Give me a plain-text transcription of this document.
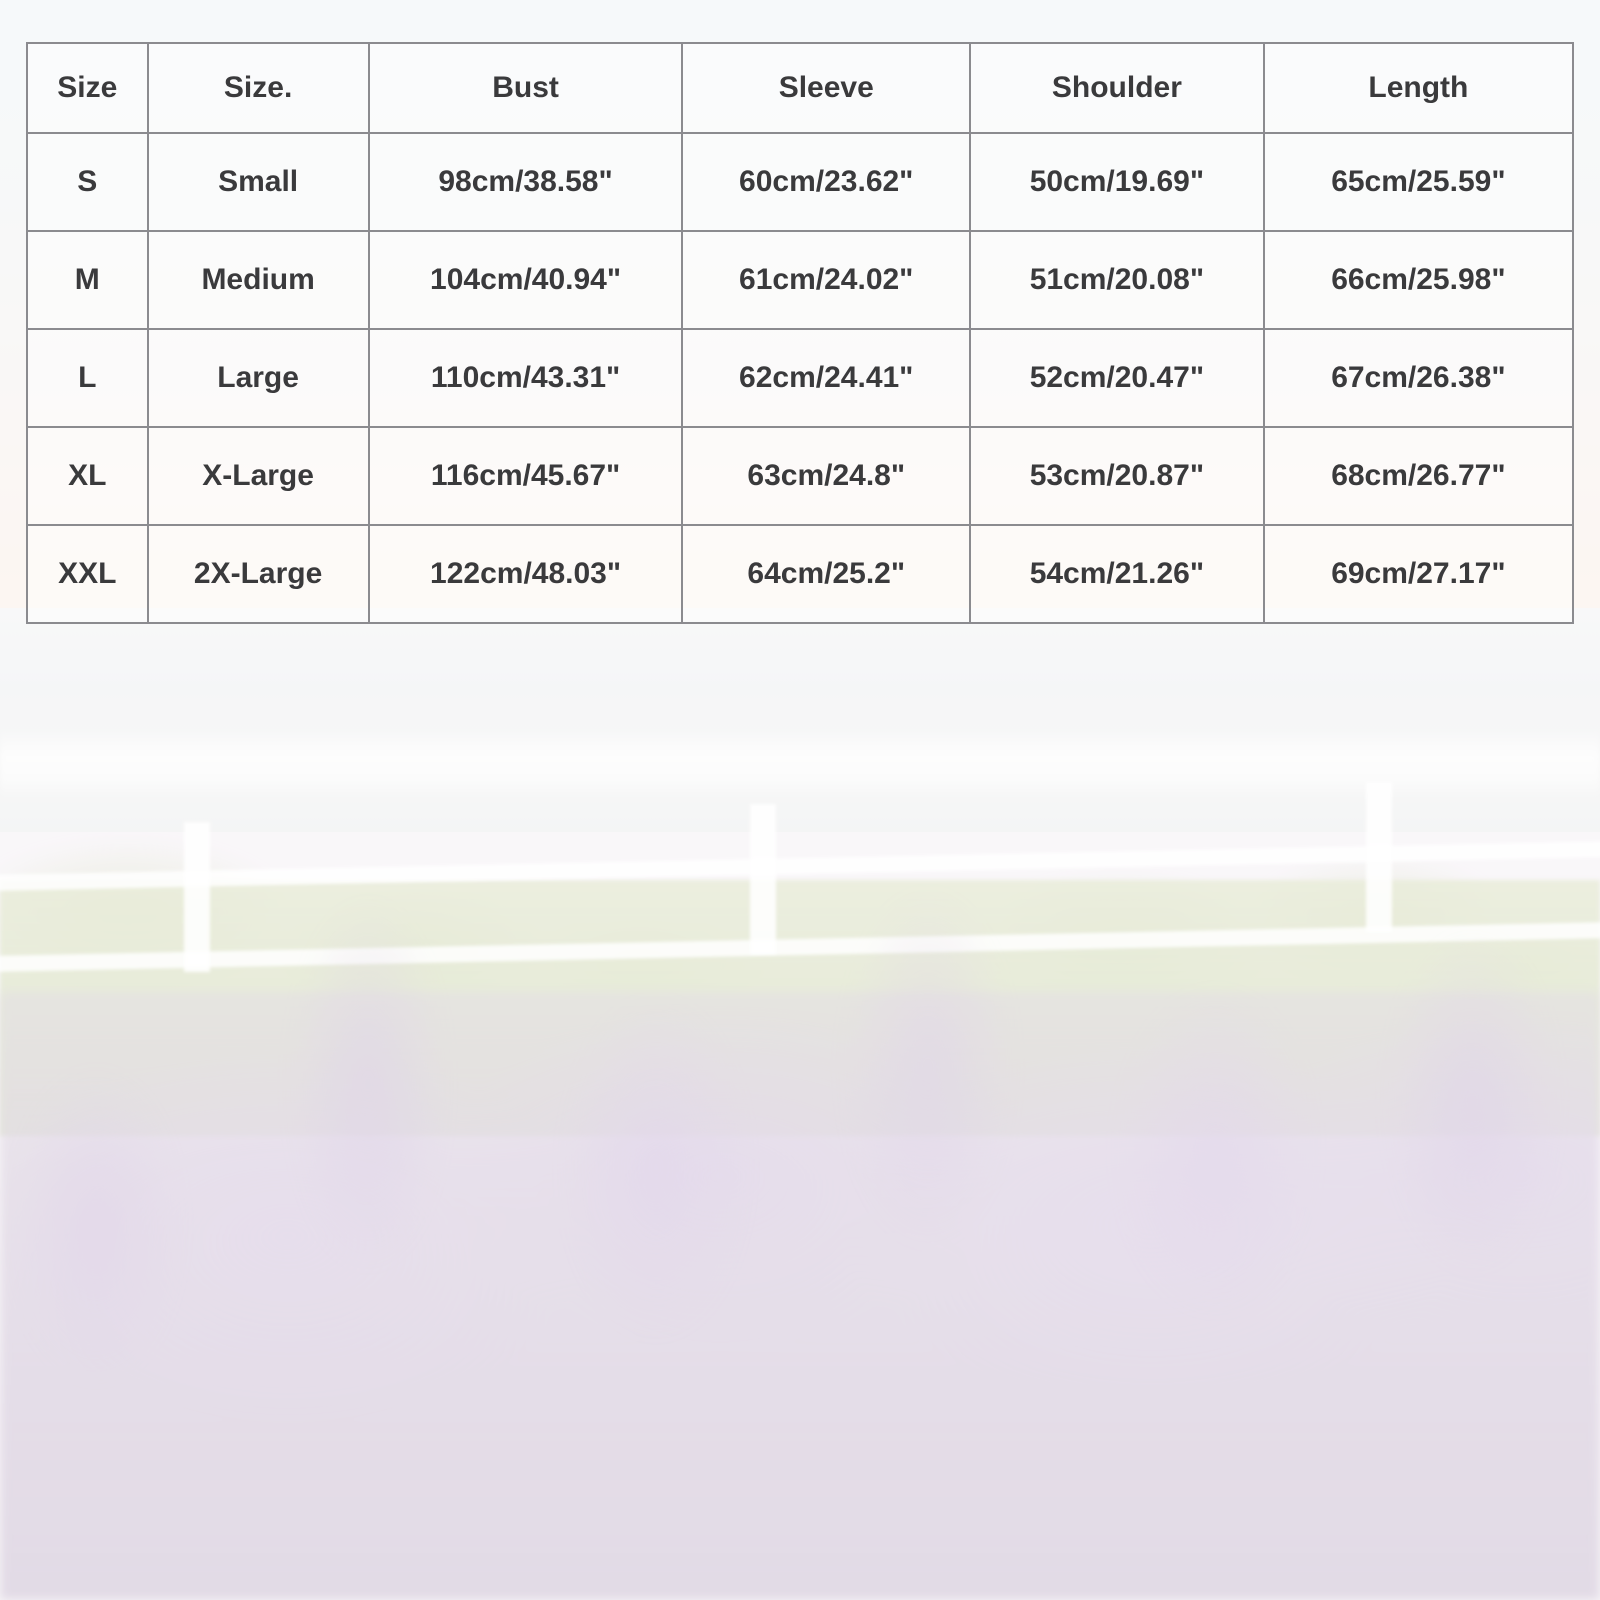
Size	Size.	Bust	Sleeve	Shoulder	Length
S	Small	98cm/38.58"	60cm/23.62"	50cm/19.69"	65cm/25.59"
M	Medium	104cm/40.94"	61cm/24.02"	51cm/20.08"	66cm/25.98"
L	Large	110cm/43.31"	62cm/24.41"	52cm/20.47"	67cm/26.38"
XL	X-Large	116cm/45.67"	63cm/24.8"	53cm/20.87"	68cm/26.77"
XXL	2X-Large	122cm/48.03"	64cm/25.2"	54cm/21.26"	69cm/27.17"
